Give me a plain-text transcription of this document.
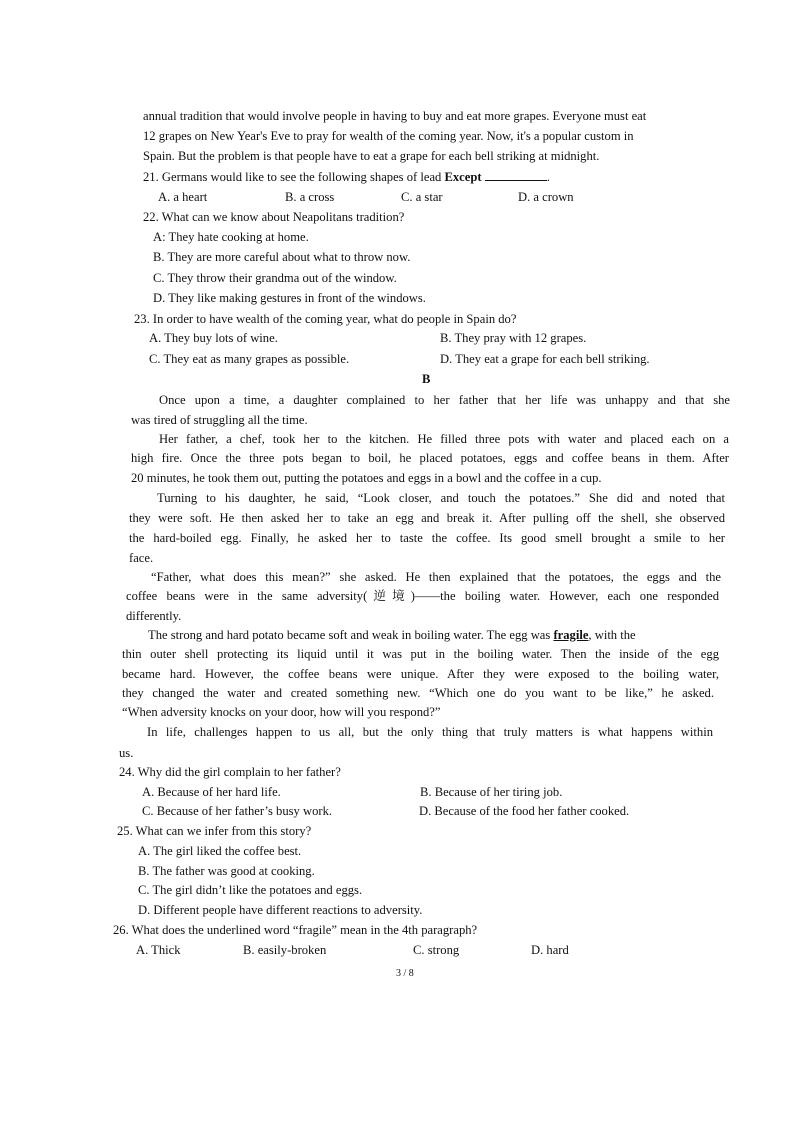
annual tradition that would involve people in having to buy and eat more grapes. Everyone must eat
12 grapes on New Year's Eve to pray for wealth of the coming year. Now, it's a popular custom in
Spain. But the problem is that people have to eat a grape for each bell striking at midnight.
21. Germans would like to see the following shapes of lead Except	.
A. a heart	B. a cross	C. a star	D. a crown
22. What can we know about Neapolitans tradition?
A: They hate cooking at home.
B. They are more careful about what to throw now.
C. They throw their grandma out of the window.
D. They like making gestures in front of the windows.
23. In order to have wealth of the coming year, what do people in Spain do?
A. They buy lots of wine.	B. They pray with 12 grapes.
C. They eat as many grapes as possible.	D. They eat a grape for each bell striking.
B
Once upon a time, a daughter complained to her father that her life was unhappy and that she
was tired of struggling all the time.
Her father, a chef, took her to the kitchen. He filled three pots with water and placed each on a
high fire. Once the three pots began to boil, he placed potatoes, eggs and coffee beans in them. After
20 minutes, he took them out, putting the potatoes and eggs in a bowl and the coffee in a cup.
Turning to his daughter, he said, “Look closer, and touch the potatoes.” She did and noted that
they were soft. He then asked her to take an egg and break it. After pulling off the shell, she observed
the hard-boiled egg. Finally, he asked her to taste the coffee. Its good smell brought a smile to her
face.
“Father, what does this mean?” she asked. He then explained that the potatoes, the eggs and the
coffee beans were in the same adversity(逆境)——the boiling water. However, each one responded
differently.
The strong and hard potato became soft and weak in boiling water. The egg was fragile, with the
thin outer shell protecting its liquid until it was put in the boiling water. Then the inside of the egg
became hard. However, the coffee beans were unique. After they were exposed to the boiling water,
they changed the water and created something new. “Which one do you want to be like,” he asked.
“When adversity knocks on your door, how will you respond?”
In life, challenges happen to us all, but the only thing that truly matters is what happens within
us.
24. Why did the girl complain to her father?
A. Because of her hard life.	B. Because of her tiring job.
C. Because of her father’s busy work.	D. Because of the food her father cooked.
25. What can we infer from this story?
A. The girl liked the coffee best.
B. The father was good at cooking.
C. The girl didn’t like the potatoes and eggs.
D. Different people have different reactions to adversity.
26. What does the underlined word “fragile” mean in the 4th paragraph?
A. Thick	B. easily-broken	C. strong	D. hard
3 / 8
